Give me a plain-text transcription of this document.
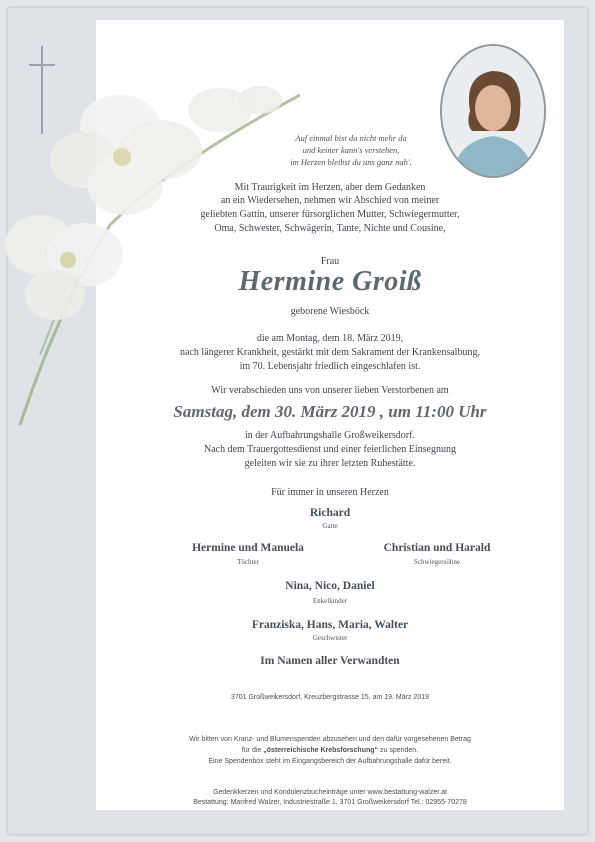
Auf einmal bist du nicht mehr da
und keiner kann's verstehen,
im Herzen bleibst du uns ganz nah'.
Mit Traurigkeit im Herzen, aber dem Gedanken
an ein Wiedersehen, nehmen wir Abschied von meiner
geliebten Gattin, unserer fürsorglichen Mutter, Schwiegermutter,
Oma, Schwester, Schwägerin, Tante, Nichte und Cousine,
Frau
Hermine Groiß
geborene Wiesböck
die am Montag, dem 18. März 2019,
nach längerer Krankheit, gestärkt mit dem Sakrament der Krankensalbung,
im 70. Lebensjahr friedlich eingeschlafen ist.
Wir verabschieden uns von unserer lieben Verstorbenen am
Samstag, dem 30. März 2019 , um 11:00 Uhr
in der Aufbahrungshalle Großweikersdorf.
Nach dem Trauergottesdienst und einer feierlichen Einsegnung
geleiten wir sie zu ihrer letzten Ruhestätte.
Für immer in unseren Herzen
Richard
Gatte
Hermine und Manuela
Töchter
Christian und Harald
Schwiegersöhne
Nina, Nico, Daniel
Enkelkinder
Franziska, Hans, Maria, Walter
Geschwister
Im Namen aller Verwandten
3701 Großweikersdorf, Kreuzbergstrasse 15, am 19. März 2019
Wir bitten von Kranz- und Blumenspenden abzusehen und den dafür vorgesehenen Betrag
für die „österreichische Krebsforschung“ zu spenden.
Eine Spendenbox steht im Eingangsbereich der Aufbahrungshalle dafür bereit.
Gedenkkerzen und Kondolenzbucheinträge unter www.bestattung-walzer.at
Bestattung: Manfred Walzer, Industriestraße 1, 3701 Großweikersdorf Tel.: 02955-70278
